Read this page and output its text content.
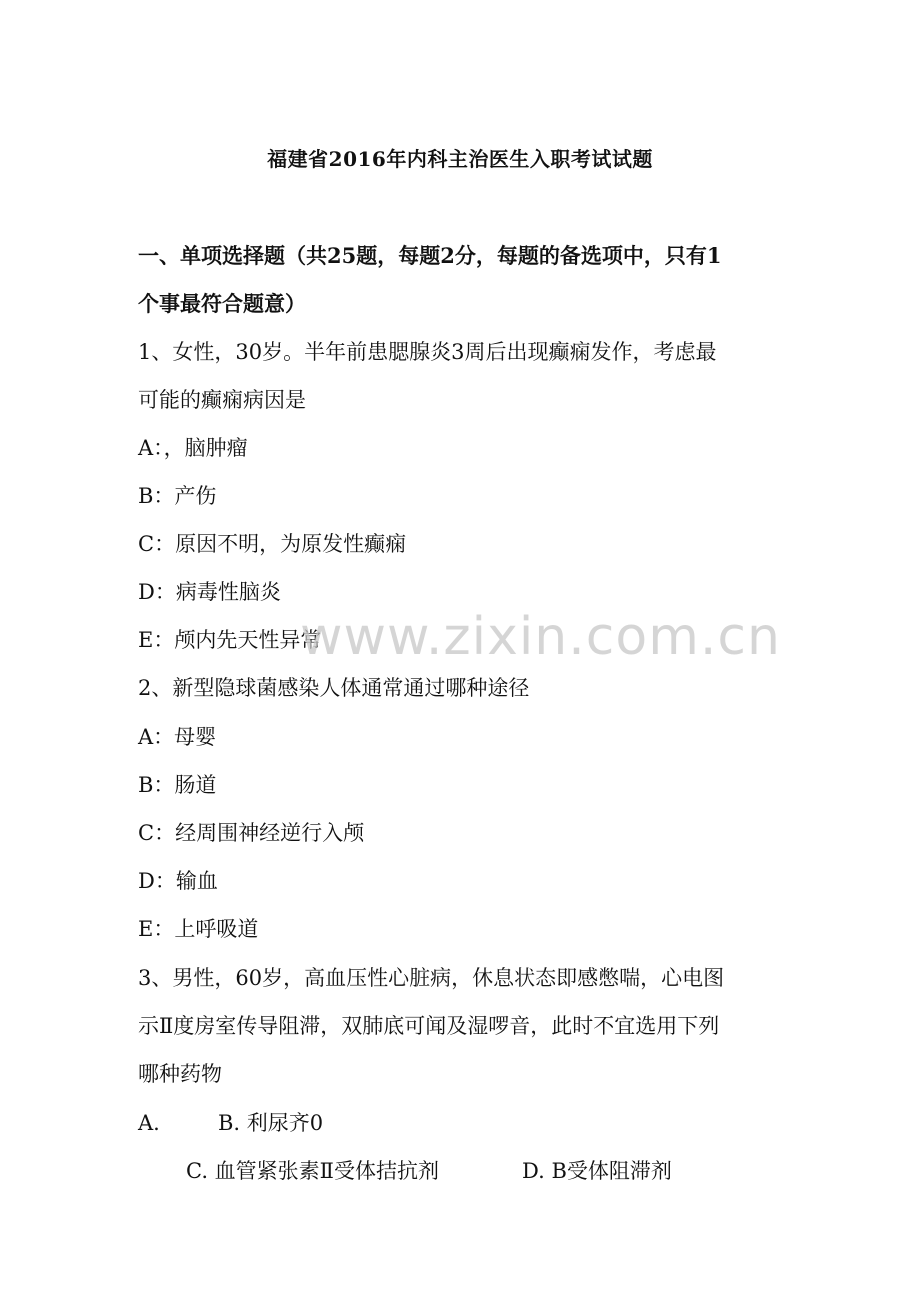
福建省2016年内科主治医生入职考试试题
一、单项选择题（共25题，每题2分，每题的备选项中，只有1
个事最符合题意）
1、女性，30岁。半年前患腮腺炎3周后出现癫痫发作，考虑最
可能的癫痫病因是
A：，脑肿瘤
B：产伤
C：原因不明，为原发性癫痫
D：病毒性脑炎
E：颅内先天性异常
2、新型隐球菌感染人体通常通过哪种途径
A：母婴
B：肠道
C：经周围神经逆行入颅
D：输血
E：上呼吸道
3、男性，60岁，高血压性心脏病，休息状态即感憋喘，心电图
示Ⅱ度房室传导阻滞，双肺底可闻及湿啰音，此时不宜选用下列
哪种药物
A.	B. 利尿齐0
C. 血管紧张素Ⅱ受体拮抗剂	D. Β受体阻滞剂
www.zixin.com.cn
